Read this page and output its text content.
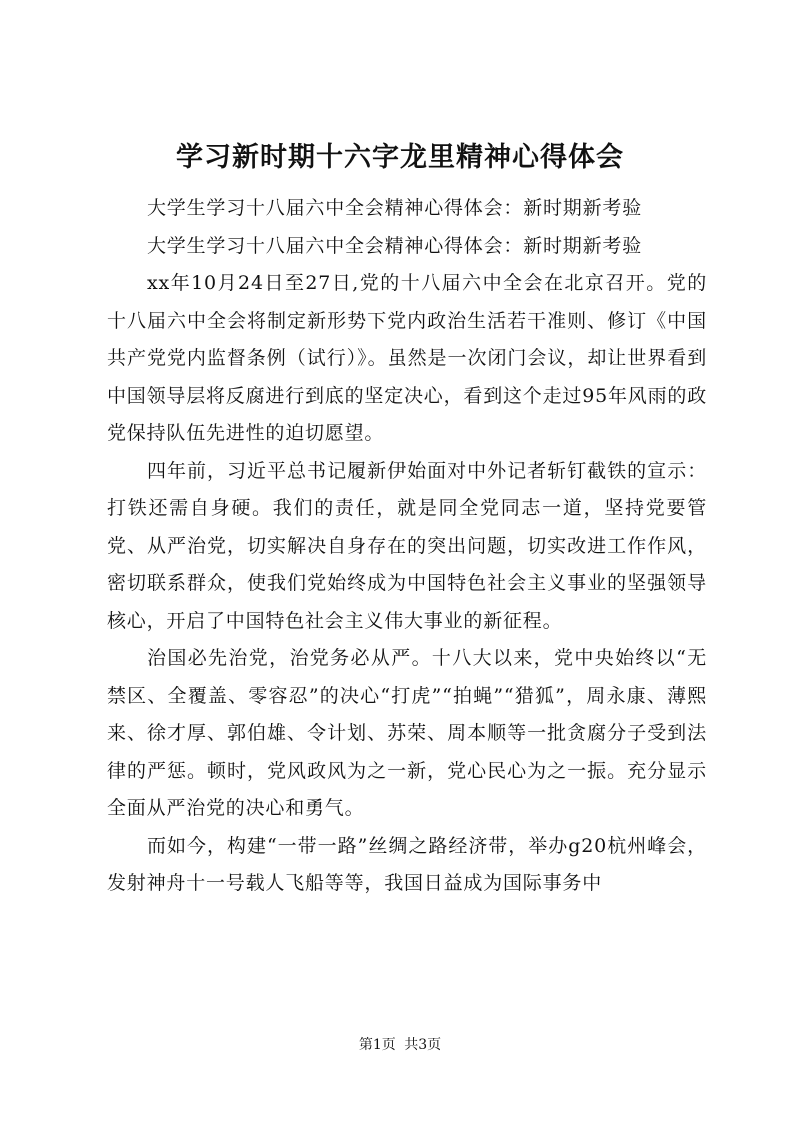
学习新时期十六字龙里精神心得体会

大学生学习十八届六中全会精神心得体会：新时期新考验

大学生学习十八届六中全会精神心得体会：新时期新考验

xx年10月24日至27日,党的十八届六中全会在北京召开。党的十八届六中全会将制定新形势下党内政治生活若干准则、修订《中国共产党党内监督条例（试行）》。虽然是一次闭门会议，却让世界看到中国领导层将反腐进行到底的坚定决心，看到这个走过95年风雨的政党保持队伍先进性的迫切愿望。

四年前，习近平总书记履新伊始面对中外记者斩钉截铁的宣示：打铁还需自身硬。我们的责任，就是同全党同志一道，坚持党要管党、从严治党，切实解决自身存在的突出问题，切实改进工作作风，密切联系群众，使我们党始终成为中国特色社会主义事业的坚强领导核心，开启了中国特色社会主义伟大事业的新征程。

治国必先治党，治党务必从严。十八大以来，党中央始终以“无禁区、全覆盖、零容忍”的决心“打虎”“拍蝇”“猎狐”，周永康、薄熙来、徐才厚、郭伯雄、令计划、苏荣、周本顺等一批贪腐分子受到法律的严惩。顿时，党风政风为之一新，党心民心为之一振。充分显示全面从严治党的决心和勇气。

而如今，构建“一带一路”丝绸之路经济带，举办g20杭州峰会，发射神舟十一号载人飞船等等，我国日益成为国际事务中

第1页 共3页
